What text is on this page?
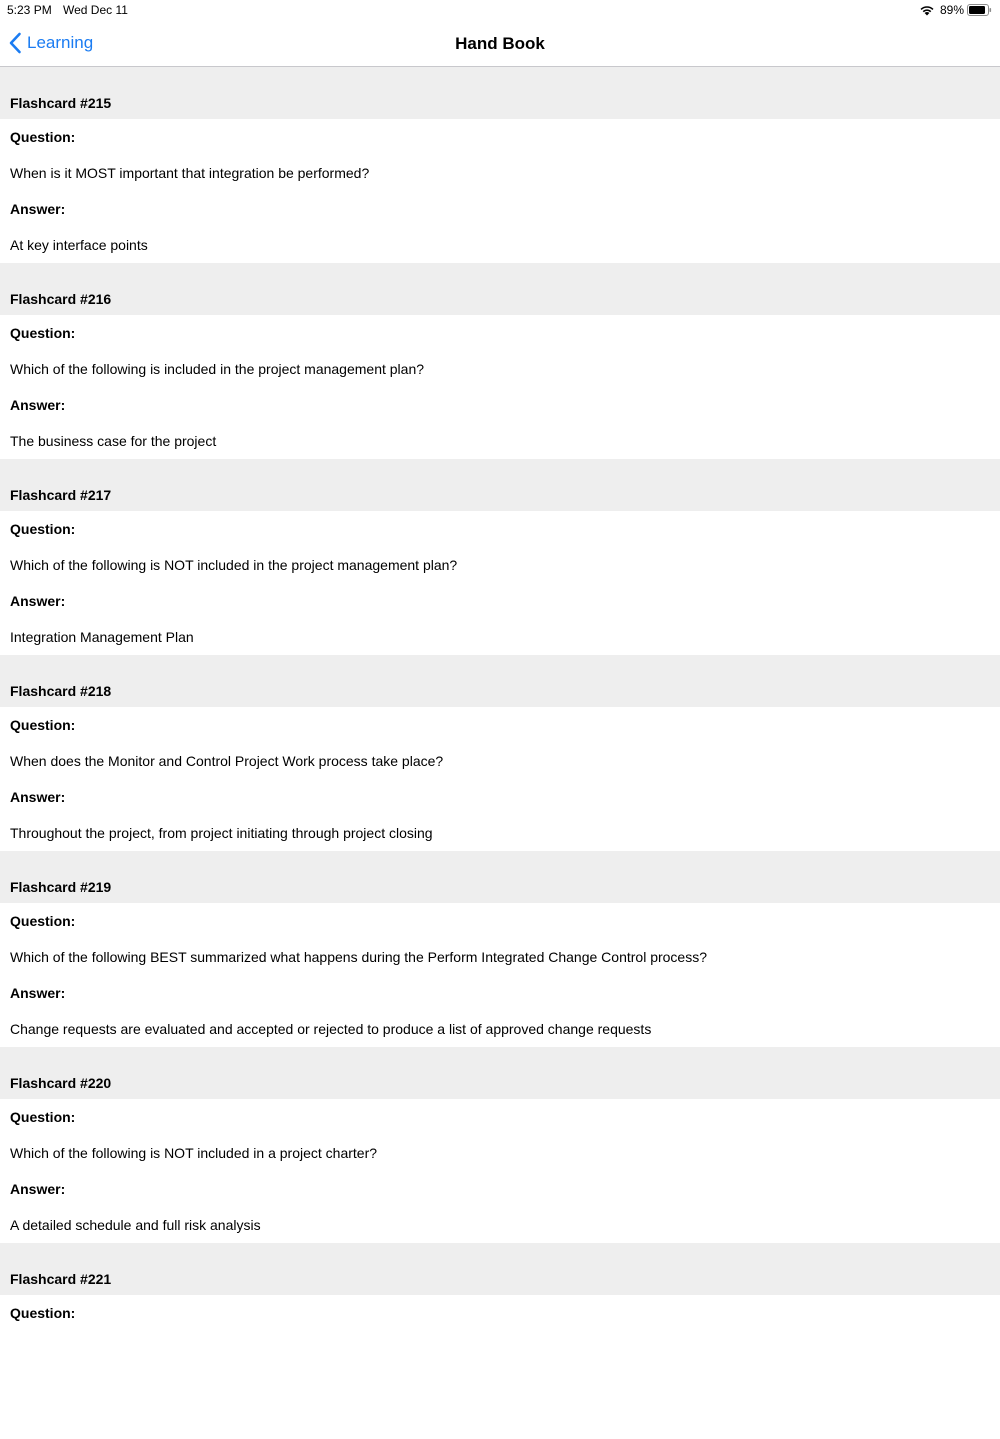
5:23 PM Wed Dec 11	89%
Learning	Hand Book
Flashcard #215
Question:
When is it MOST important that integration be performed?
Answer:
At key interface points
Flashcard #216
Question:
Which of the following is included in the project management plan?
Answer:
The business case for the project
Flashcard #217
Question:
Which of the following is NOT included in the project management plan?
Answer:
Integration Management Plan
Flashcard #218
Question:
When does the Monitor and Control Project Work process take place?
Answer:
Throughout the project, from project initiating through project closing
Flashcard #219
Question:
Which of the following BEST summarized what happens during the Perform Integrated Change Control process?
Answer:
Change requests are evaluated and accepted or rejected to produce a list of approved change requests
Flashcard #220
Question:
Which of the following is NOT included in a project charter?
Answer:
A detailed schedule and full risk analysis
Flashcard #221
Question:
